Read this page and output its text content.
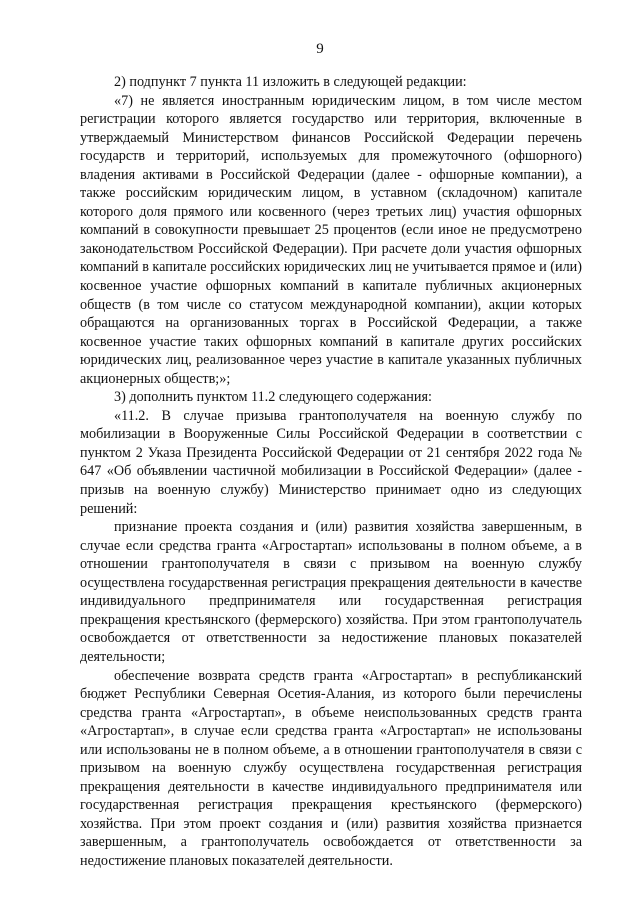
9

2) подпункт 7 пункта 11 изложить в следующей редакции:

«7) не является иностранным юридическим лицом, в том числе местом регистрации которого является государство или территория, включенные в утверждаемый Министерством финансов Российской Федерации перечень государств и территорий, используемых для промежуточного (офшорного) владения активами в Российской Федерации (далее - офшорные компании), а также российским юридическим лицом, в уставном (складочном) капитале которого доля прямого или косвенного (через третьих лиц) участия офшорных компаний в совокупности превышает 25 процентов (если иное не предусмотрено законодательством Российской Федерации). При расчете доли участия офшорных компаний в капитале российских юридических лиц не учитывается прямое и (или) косвенное участие офшорных компаний в капитале публичных акционерных обществ (в том числе со статусом международной компании), акции которых обращаются на организованных торгах в Российской Федерации, а также косвенное участие таких офшорных компаний в капитале других российских юридических лиц, реализованное через участие в капитале указанных публичных акционерных обществ;»;

3) дополнить пунктом 11.2 следующего содержания:

«11.2. В случае призыва грантополучателя на военную службу по мобилизации в Вооруженные Силы Российской Федерации в соответствии с пунктом 2 Указа Президента Российской Федерации от 21 сентября 2022 года № 647 «Об объявлении частичной мобилизации в Российской Федерации» (далее - призыв на военную службу) Министерство принимает одно из следующих решений:

признание проекта создания и (или) развития хозяйства завершенным, в случае если средства гранта «Агростартап» использованы в полном объеме, а в отношении грантополучателя в связи с призывом на военную службу осуществлена государственная регистрация прекращения деятельности в качестве индивидуального предпринимателя или государственная регистрация прекращения крестьянского (фермерского) хозяйства. При этом грантополучатель освобождается от ответственности за недостижение плановых показателей деятельности;

обеспечение возврата средств гранта «Агростартап» в республиканский бюджет Республики Северная Осетия-Алания, из которого были перечислены средства гранта «Агростартап», в объеме неиспользованных средств гранта «Агростартап», в случае если средства гранта «Агростартап» не использованы или использованы не в полном объеме, а в отношении грантополучателя в связи с призывом на военную службу осуществлена государственная регистрация прекращения деятельности в качестве индивидуального предпринимателя или государственная регистрация прекращения крестьянского (фермерского) хозяйства. При этом проект создания и (или) развития хозяйства признается завершенным, а грантополучатель освобождается от ответственности за недостижение плановых показателей деятельности.
